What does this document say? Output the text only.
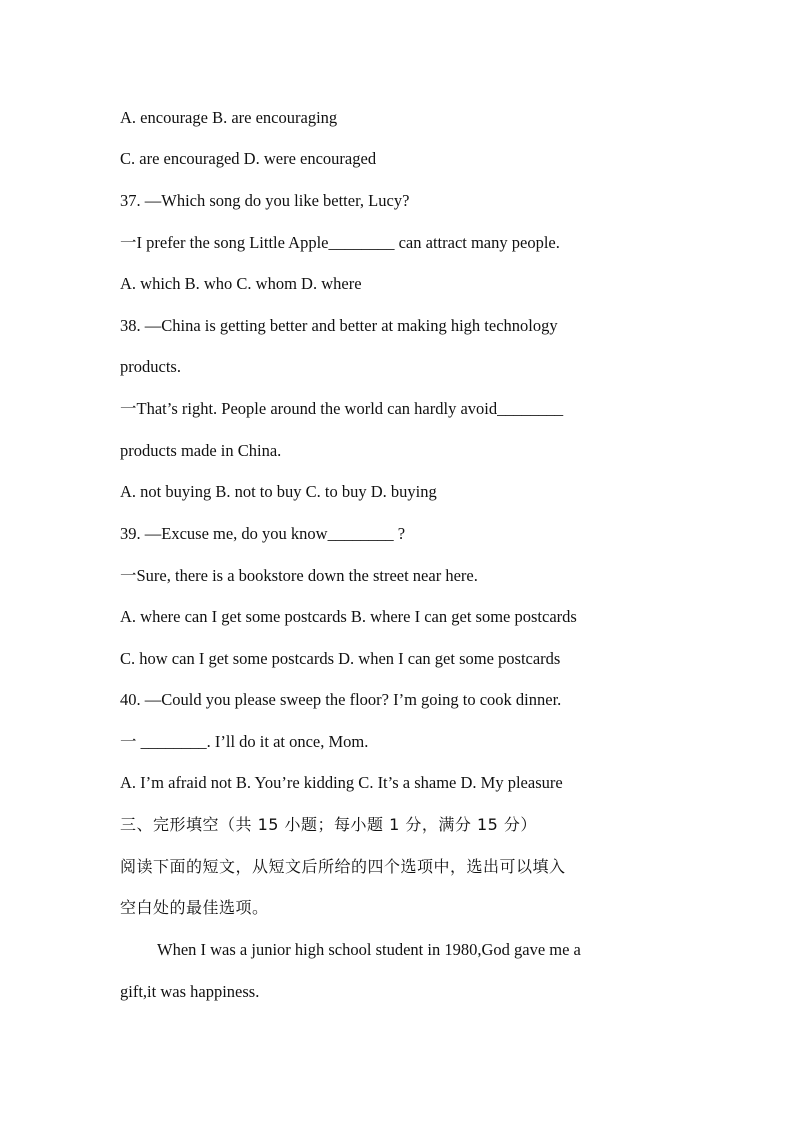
A. encourage B. are encouraging
C. are encouraged D. were encouraged
37. —Which song do you like better, Lucy?
一I prefer the song Little Apple________ can attract many people.
A. which B. who C. whom D. where
38. —China is getting better and better at making high technology
products.
一That’s right. People around the world can hardly avoid________
products made in China.
A. not buying B. not to buy C. to buy D. buying
39. —Excuse me, do you know________ ?
一Sure, there is a bookstore down the street near here.
A. where can I get some postcards B. where I can get some postcards
C. how can I get some postcards D. when I can get some postcards
40. —Could you please sweep the floor? I’m going to cook dinner.
一 ________. I’ll do it at once, Mom.
A. I’m afraid not B. You’re kidding C. It’s a shame D. My pleasure
三、完形填空（共 15 小题；每小题 1 分，满分 15 分）
阅读下面的短文，从短文后所给的四个选项中，选出可以填入
空白处的最佳选项。
When I was a junior high school student in 1980,God gave me a
gift,it was happiness.
